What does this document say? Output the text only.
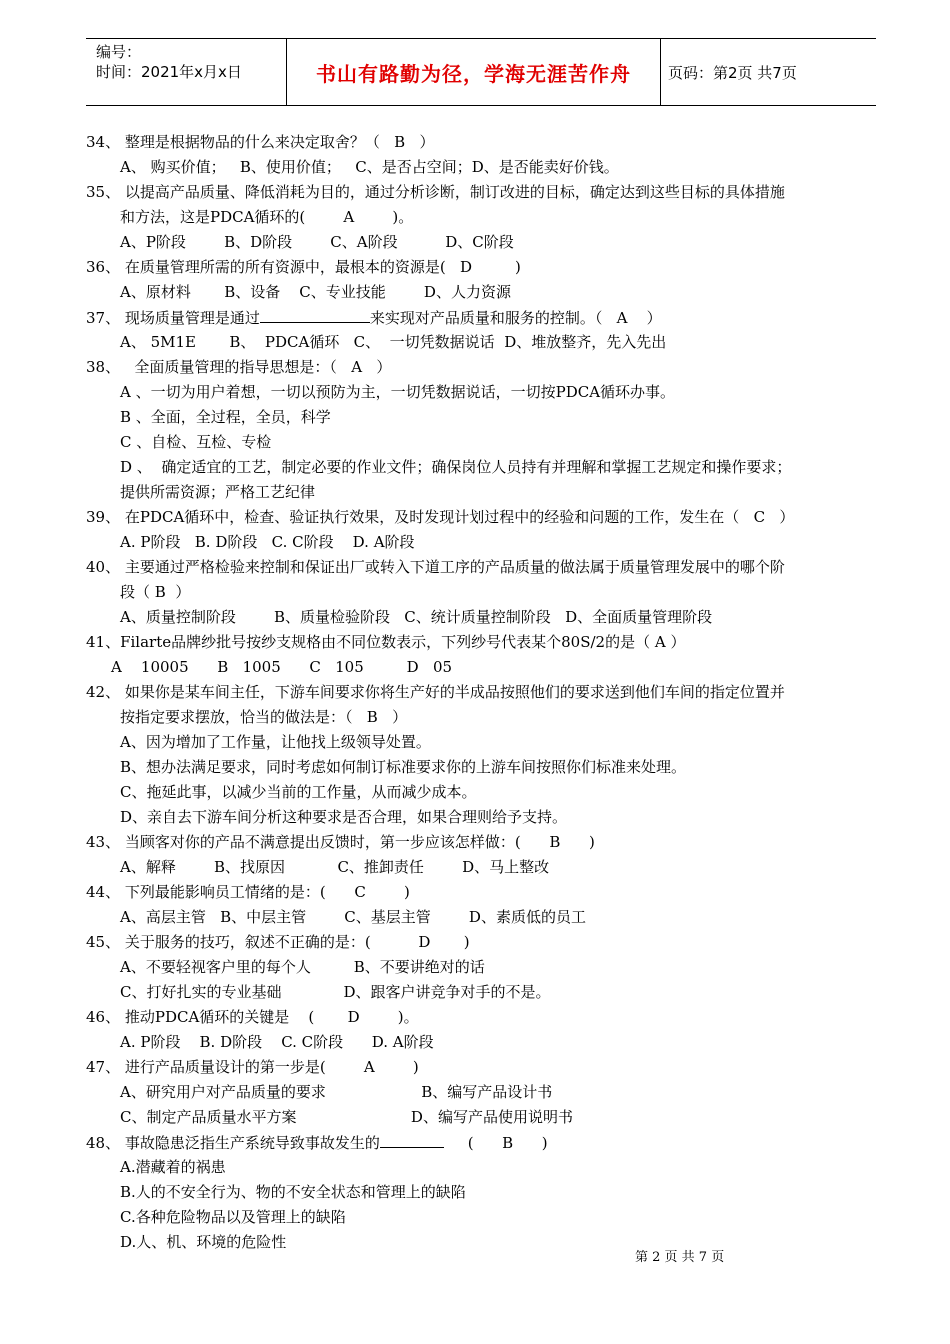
编号：
时间：2021年x月x日	书山有路勤为径，学海无涯苦作舟 页码：第2页 共7页
34、 整理是根据物品的什么来决定取舍？（   B   ）
A、 购买价值；   B、使用价值；   C、是否占空间；D、是否能卖好价钱。
35、 以提高产品质量、降低消耗为目的，通过分析诊断，制订改进的目标，确定达到这些目标的具体措施
和方法，这是PDCA循环的(        A        )。
A、P阶段        B、D阶段        C、A阶段          D、C阶段
36、 在质量管理所需的所有资源中，最根本的资源是(   D         )
A、原材料       B、设备    C、专业技能        D、人力资源
37、 现场质量管理是通过	来实现对产品质量和服务的控制。（   A    ）
A、 5M1E       B、  PDCA循环   C、  一切凭数据说话  D、堆放整齐，先入先出
38、   全面质量管理的指导思想是：（   A   ）
A 、一切为用户着想，一切以预防为主，一切凭数据说话，一切按PDCA循环办事。
B 、全面，全过程，全员，科学
C 、自检、互检、专检
D 、  确定适宜的工艺，制定必要的作业文件；确保岗位人员持有并理解和掌握工艺规定和操作要求；
提供所需资源；严格工艺纪律
39、 在PDCA循环中，检查、验证执行效果，及时发现计划过程中的经验和问题的工作，发生在（   C   ）
A. P阶段   B. D阶段   C. C阶段    D. A阶段
40、 主要通过严格检验来控制和保证出厂或转入下道工序的产品质量的做法属于质量管理发展中的哪个阶
段（ B  ）
A、质量控制阶段        B、质量检验阶段   C、统计质量控制阶段   D、全面质量管理阶段
41、Filarte品牌纱批号按纱支规格由不同位数表示，下列纱号代表某个80S/2的是（ A ）
A    10005      B   1005      C   105         D   05
42、 如果你是某车间主任，下游车间要求你将生产好的半成品按照他们的要求送到他们车间的指定位置并
按指定要求摆放，恰当的做法是：（   B   ）
A、因为增加了工作量，让他找上级领导处置。
B、想办法满足要求，同时考虑如何制订标准要求你的上游车间按照你们标准来处理。
C、拖延此事，以减少当前的工作量，从而减少成本。
D、亲自去下游车间分析这种要求是否合理，如果合理则给予支持。
43、 当顾客对你的产品不满意提出反馈时，第一步应该怎样做：(      B      )
A、解释        B、找原因           C、推卸责任        D、马上整改
44、 下列最能影响员工情绪的是：(      C        )
A、高层主管   B、中层主管        C、基层主管        D、素质低的员工
45、 关于服务的技巧，叙述不正确的是：(          D       )
A、不要轻视客户里的每个人         B、不要讲绝对的话
C、打好扎实的专业基础             D、跟客户讲竞争对手的不是。
46、 推动PDCA循环的关键是    (       D        )。
A. P阶段    B. D阶段    C. C阶段      D. A阶段
47、 进行产品质量设计的第一步是(        A        )
A、研究用户对产品质量的要求                    B、编写产品设计书
C、制定产品质量水平方案                        D、编写产品使用说明书
48、 事故隐患泛指生产系统导致事故发生的	(      B      )
A.潜藏着的祸患
B.人的不安全行为、物的不安全状态和管理上的缺陷
C.各种危险物品以及管理上的缺陷
D.人、机、环境的危险性
第 2 页 共 7 页
